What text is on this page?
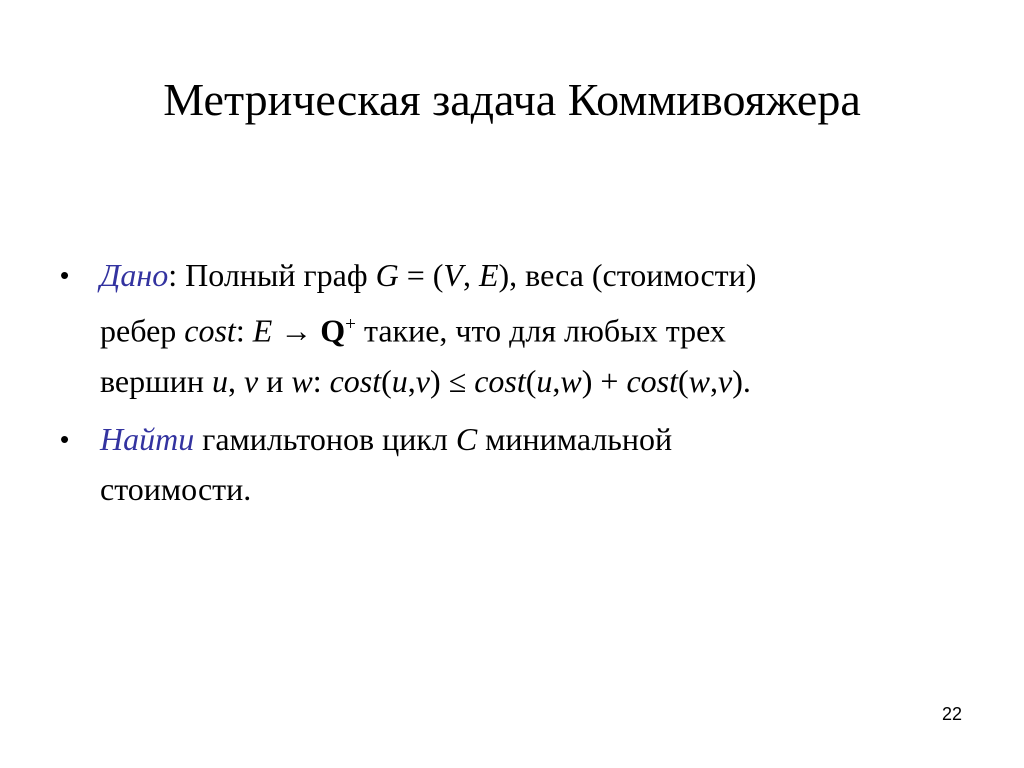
Метрическая задача Коммивояжера
• Дано: Полный граф G = (V, E), веса (стоимости)
ребер cost: E → Q+ такие, что для любых трех
вершин u, v и w: cost(u,v) ≤ cost(u,w) + cost(w,v).
• Найти гамильтонов цикл C минимальной
стоимости.
22
